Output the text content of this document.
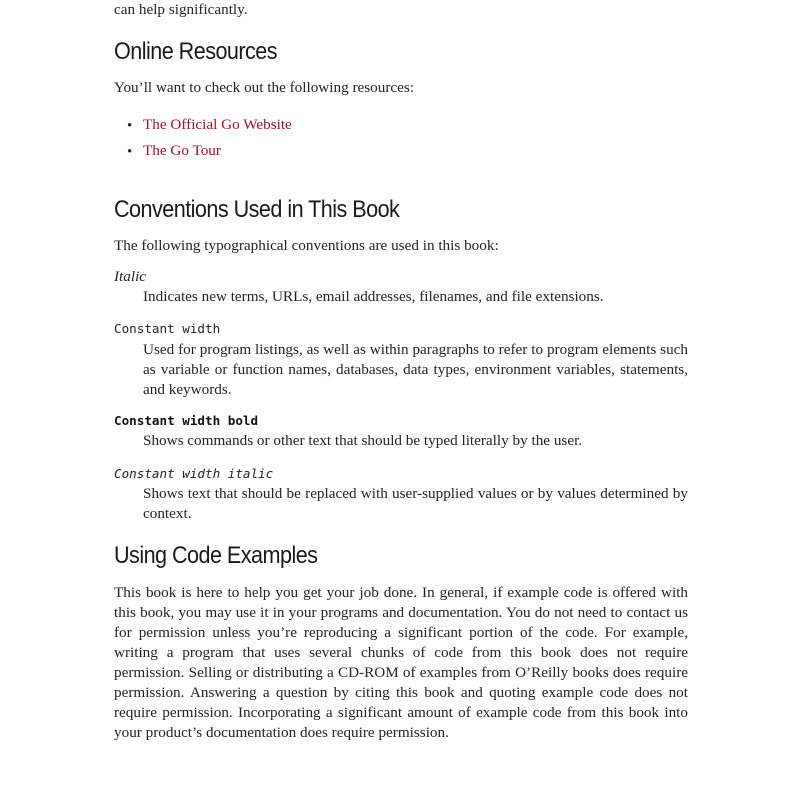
can help significantly.
Online Resources
You’ll want to check out the following resources:
• The Official Go Website
• The Go Tour
Conventions Used in This Book
The following typographical conventions are used in this book:
Italic
Indicates new terms, URLs, email addresses, filenames, and file extensions.
Constant width
Used for program listings, as well as within paragraphs to refer to program elements such as variable or function names, databases, data types, environment variables, statements, and keywords.
Constant width bold
Shows commands or other text that should be typed literally by the user.
Constant width italic
Shows text that should be replaced with user-supplied values or by values determined by context.
Using Code Examples
This book is here to help you get your job done. In general, if example code is offered with this book, you may use it in your programs and documentation. You do not need to contact us for permission unless you’re reproducing a significant portion of the code. For example, writing a program that uses several chunks of code from this book does not require permission. Selling or distributing a CD-ROM of examples from O’Reilly books does require permission. Answering a question by citing this book and quoting example code does not require permission. Incorporating a significant amount of example code from this book into your product’s documentation does require permission.
